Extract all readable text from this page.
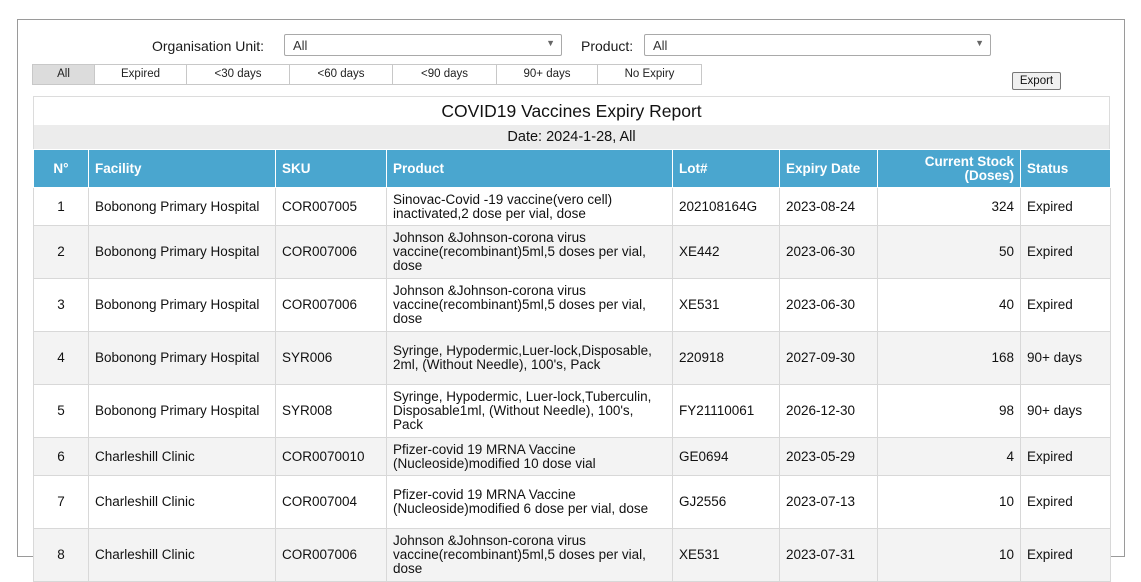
Organisation Unit: All	▼ Product: All	▼
All	Expired	<30 days	<60 days	<90 days	90+ days	No Expiry
Export
COVID19 Vaccines Expiry Report
Date: 2024-1-28, All
N°	Facility	SKU	Product	Lot#	Expiry Date	Current Stock (Doses)	Status
1	Bobonong Primary Hospital	COR007005	Sinovac-Covid -19 vaccine(vero cell) inactivated,2 dose per vial, dose	202108164G	2023-08-24	324	Expired
2	Bobonong Primary Hospital	COR007006	Johnson &Johnson-corona virus vaccine(recombinant)5ml,5 doses per vial, dose	XE442	2023-06-30	50	Expired
3	Bobonong Primary Hospital	COR007006	Johnson &Johnson-corona virus vaccine(recombinant)5ml,5 doses per vial, dose	XE531	2023-06-30	40	Expired
4	Bobonong Primary Hospital	SYR006	Syringe, Hypodermic,Luer-lock,Disposable, 2ml, (Without Needle), 100's, Pack	220918	2027-09-30	168	90+ days
5	Bobonong Primary Hospital	SYR008	Syringe, Hypodermic, Luer-lock,Tuberculin, Disposable1ml, (Without Needle), 100's, Pack	FY21110061	2026-12-30	98	90+ days
6	Charleshill Clinic	COR0070010	Pfizer-covid 19 MRNA Vaccine (Nucleoside)modified 10 dose vial	GE0694	2023-05-29	4	Expired
7	Charleshill Clinic	COR007004	Pfizer-covid 19 MRNA Vaccine (Nucleoside)modified 6 dose per vial, dose	GJ2556	2023-07-13	10	Expired
8	Charleshill Clinic	COR007006	Johnson &Johnson-corona virus vaccine(recombinant)5ml,5 doses per vial, dose	XE531	2023-07-31	10	Expired
